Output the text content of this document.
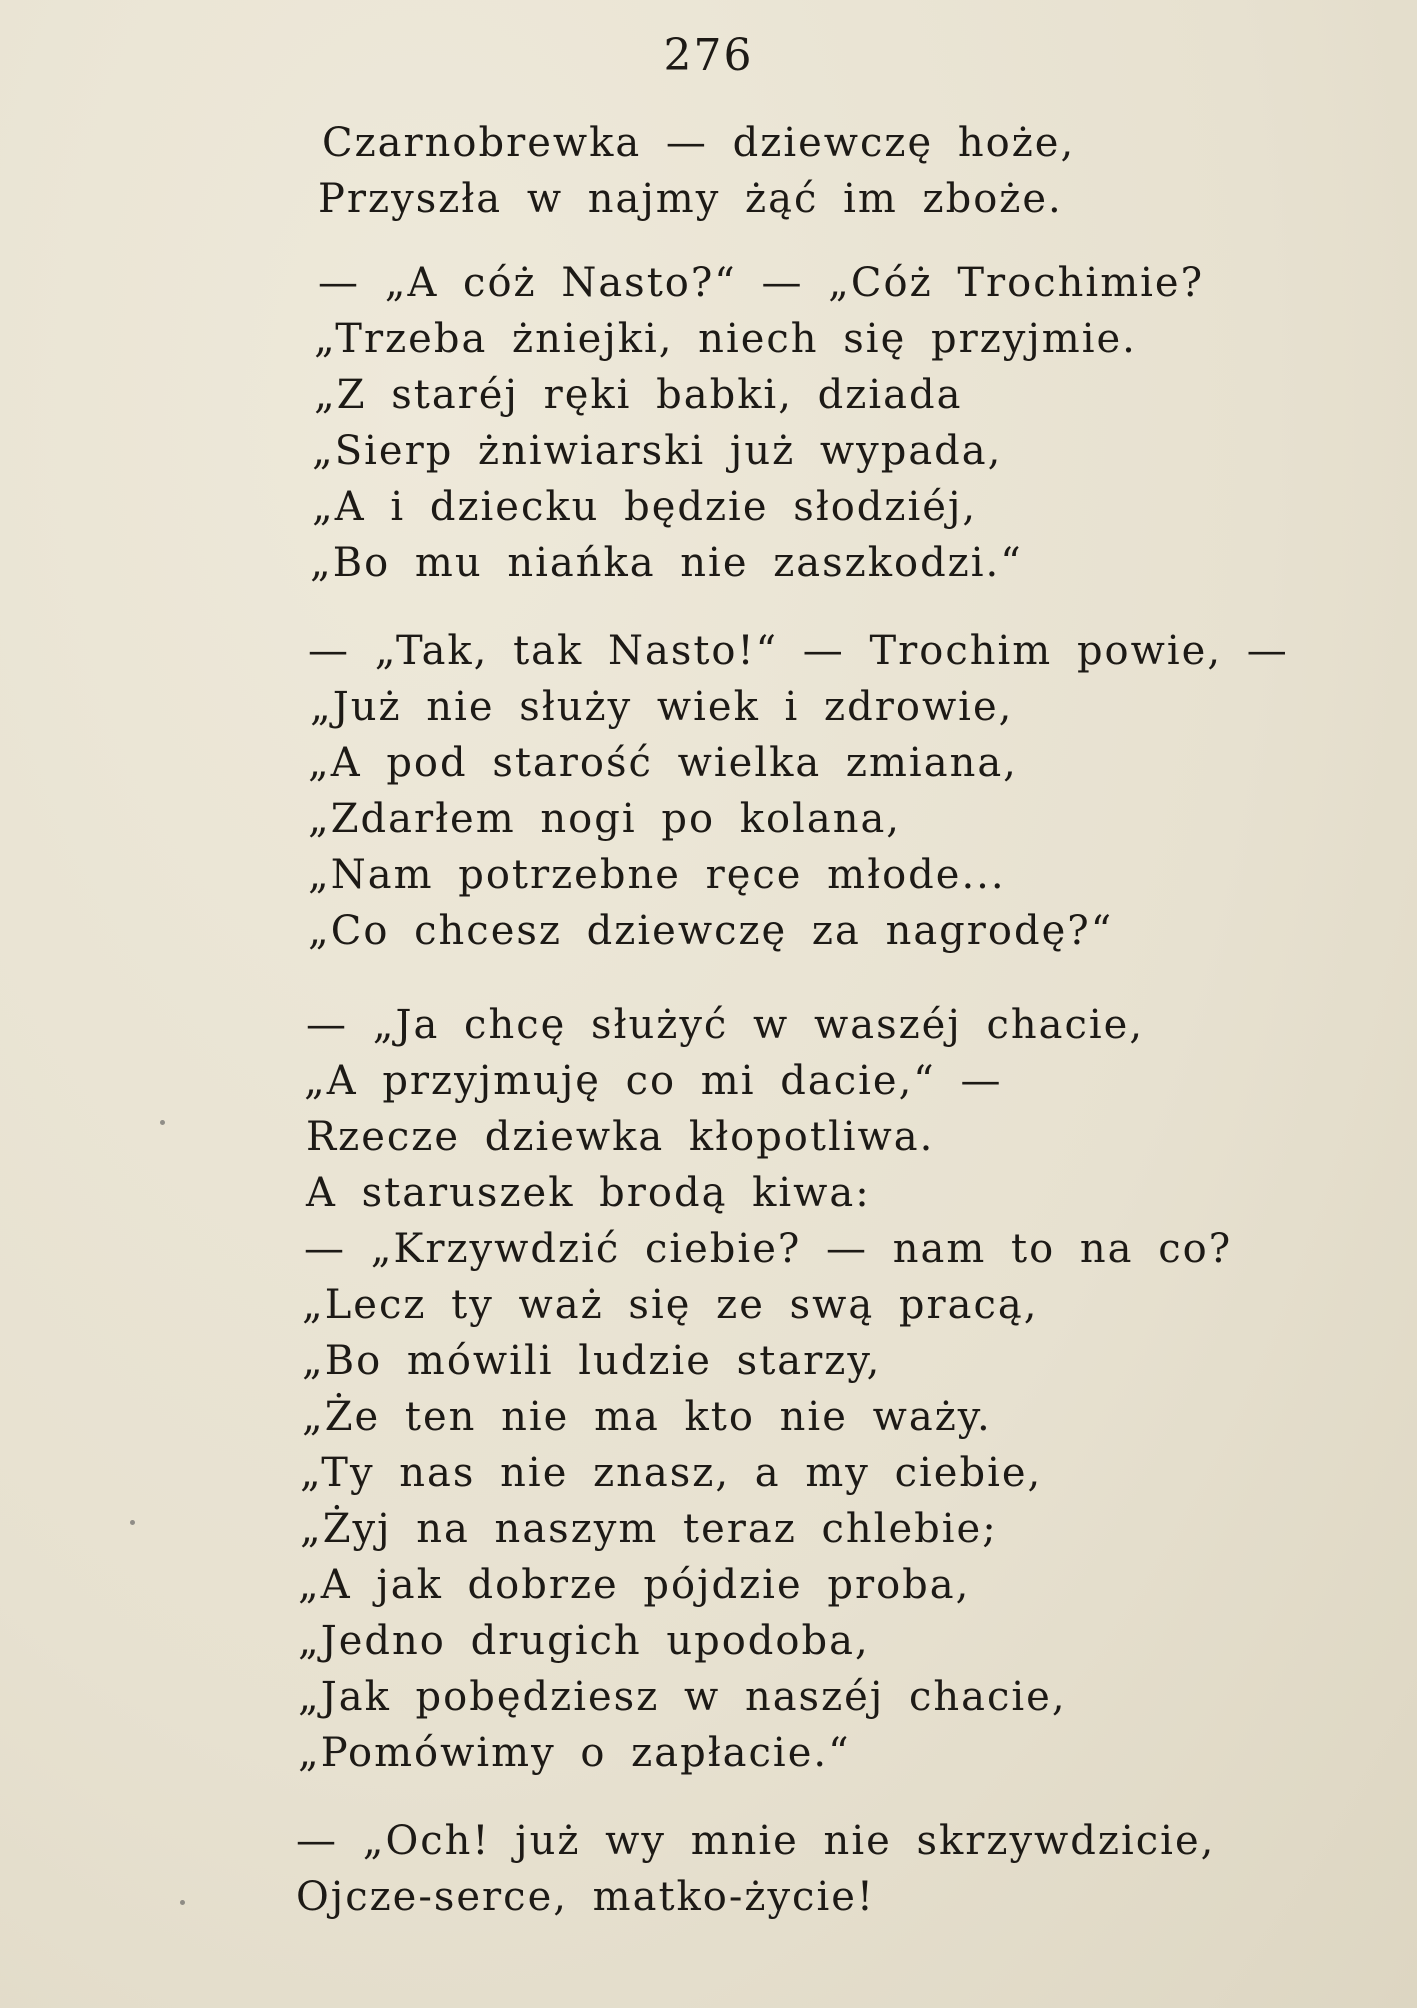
276
Czarnobrewka — dziewczę hoże,
Przyszła w najmy żąć im zboże.
— „A cóż Nasto?“ — „Cóż Trochimie?
„Trzeba żniejki, niech się przyjmie.
„Z staréj ręki babki, dziada
„Sierp żniwiarski już wypada,
„A i dziecku będzie słodziéj,
„Bo mu niańka nie zaszkodzi.“
— „Tak, tak Nasto!“ — Trochim powie, —
„Już nie służy wiek i zdrowie,
„A pod starość wielka zmiana,
„Zdarłem nogi po kolana,
„Nam potrzebne ręce młode...
„Co chcesz dziewczę za nagrodę?“
— „Ja chcę służyć w waszéj chacie,
„A przyjmuję co mi dacie,“ —
Rzecze dziewka kłopotliwa.
A staruszek brodą kiwa:
— „Krzywdzić ciebie? — nam to na co?
„Lecz ty waż się ze swą pracą,
„Bo mówili ludzie starzy,
„Że ten nie ma kto nie waży.
„Ty nas nie znasz, a my ciebie,
„Żyj na naszym teraz chlebie;
„A jak dobrze pójdzie proba,
„Jedno drugich upodoba,
„Jak pobędziesz w naszéj chacie,
„Pomówimy o zapłacie.“
— „Och! już wy mnie nie skrzywdzicie,
Ojcze-serce, matko-życie!
